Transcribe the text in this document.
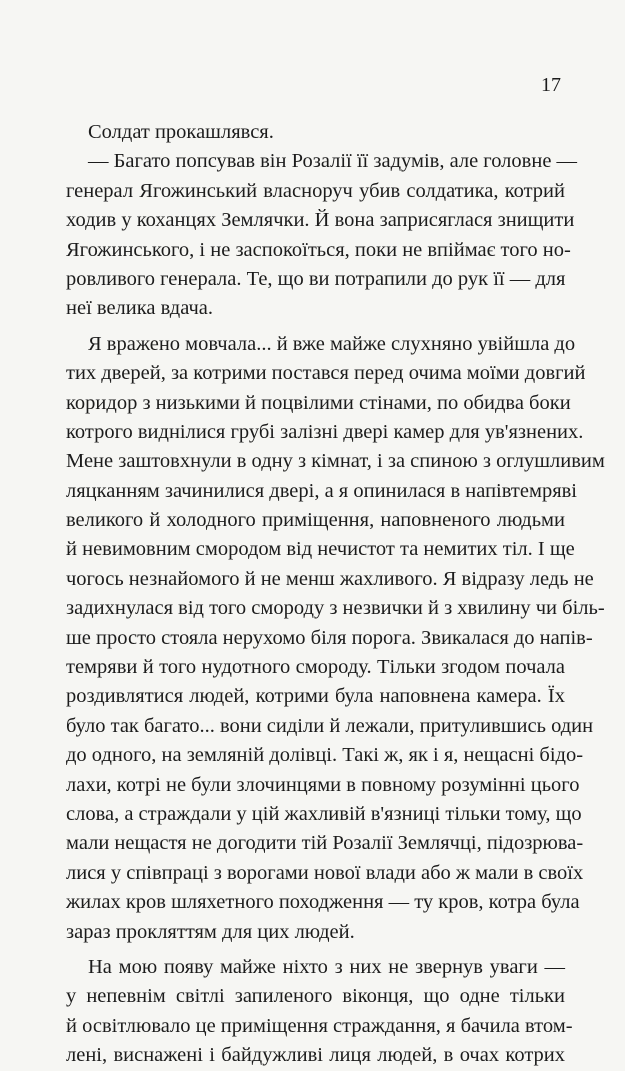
17
Солдат прокашлявся.
— Багато попсував він Розалії її задумів, але головне —
генерал Ягожинський власноруч убив солдатика, котрий
ходив у коханцях Землячки. Й вона заприсяглася знищити
Ягожинського, і не заспокоїться, поки не впіймає того но-
ровливого генерала. Те, що ви потрапили до рук її — для
неї велика вдача.
Я вражено мовчала... й вже майже слухняно увійшла до
тих дверей, за котрими постався перед очима моїми довгий
коридор з низькими й поцвілими стінами, по обидва боки
котрого виднілися грубі залізні двері камер для ув'язнених.
Мене заштовхнули в одну з кімнат, і за спиною з оглушливим
ляцканням зачинилися двері, а я опинилася в напівтемряві
великого й холодного приміщення, наповненого людьми
й невимовним смородом від нечистот та немитих тіл. І ще
чогось незнайомого й не менш жахливого. Я відразу ледь не
задихнулася від того смороду з незвички й з хвилину чи біль-
ше просто стояла нерухомо біля порога. Звикалася до напів-
темряви й того нудотного смороду. Тільки згодом почала
роздивлятися людей, котрими була наповнена камера. Їх
було так багато... вони сиділи й лежали, притулившись один
до одного, на земляній долівці. Такі ж, як і я, нещасні бідо-
лахи, котрі не були злочинцями в повному розумінні цього
слова, а страждали у цій жахливій в'язниці тільки тому, що
мали нещастя не догодити тій Розалії Землячці, підозрюва-
лися у співпраці з ворогами нової влади або ж мали в своїх
жилах кров шляхетного походження — ту кров, котра була
зараз прокляттям для цих людей.
На мою появу майже ніхто з них не звернув уваги —
у непевнім світлі запиленого віконця, що одне тільки
й освітлювало це приміщення страждання, я бачила втом-
лені, виснажені і байдужливі лиця людей, в очах котрих
